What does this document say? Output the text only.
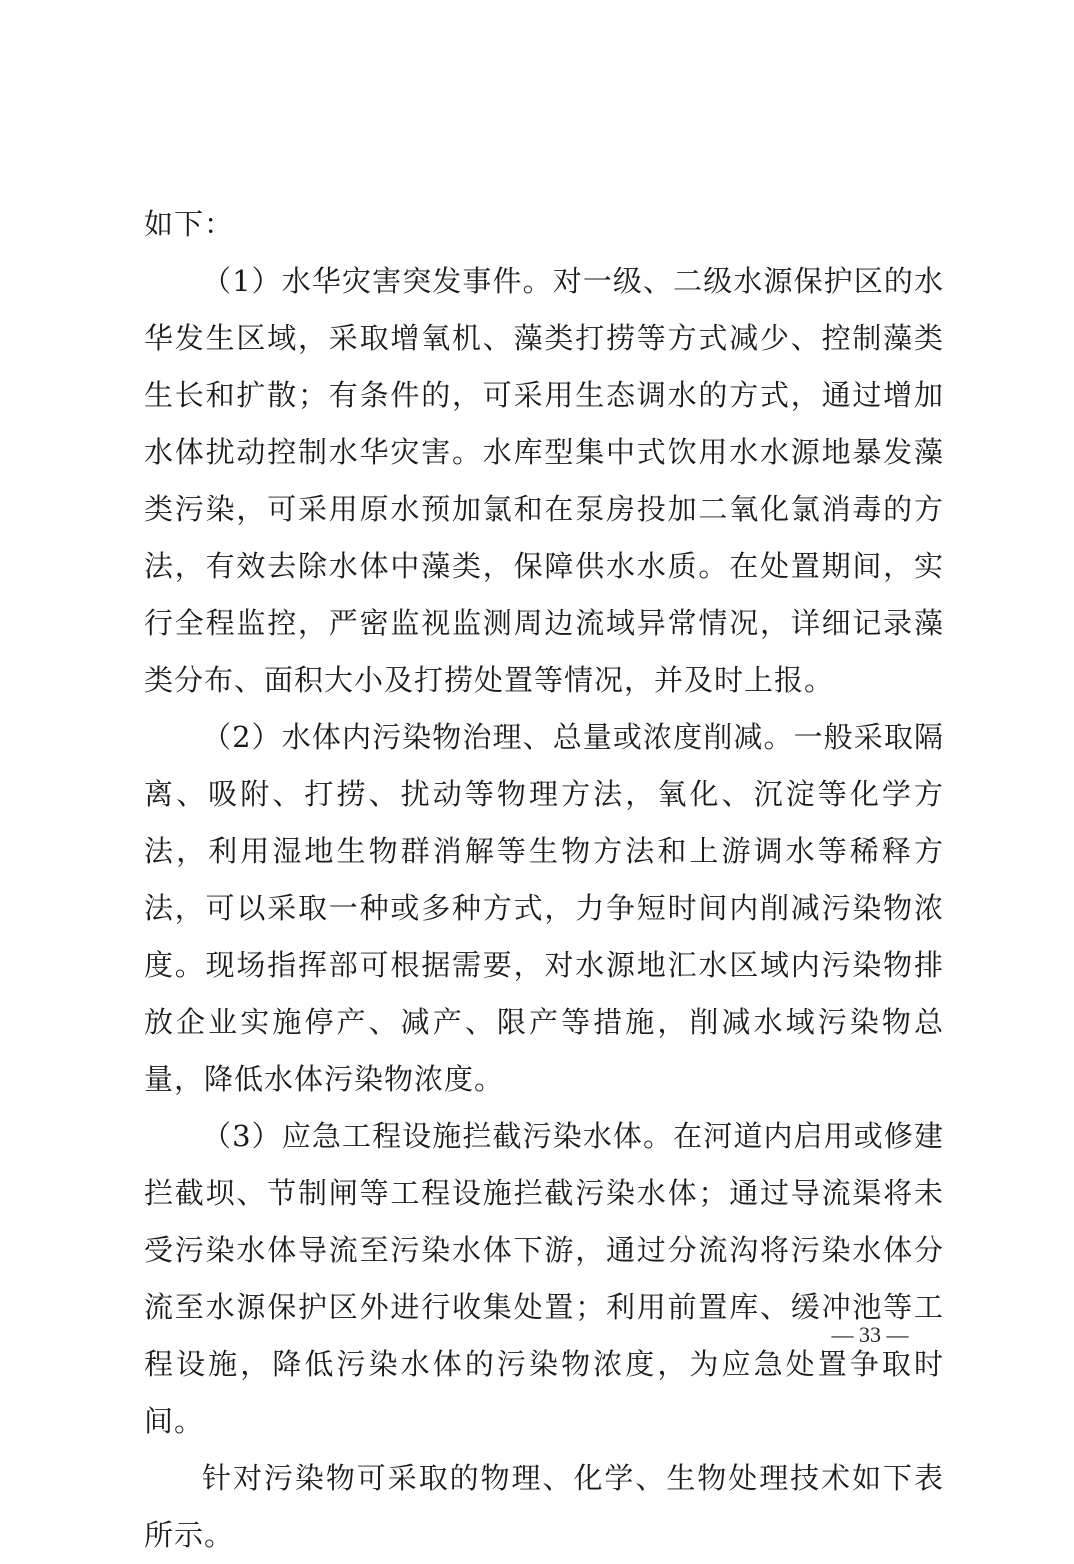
如下：

（1）水华灾害突发事件。对一级、二级水源保护区的水华发生区域，采取增氧机、藻类打捞等方式减少、控制藻类生长和扩散；有条件的，可采用生态调水的方式，通过增加水体扰动控制水华灾害。水库型集中式饮用水水源地暴发藻类污染，可采用原水预加氯和在泵房投加二氧化氯消毒的方法，有效去除水体中藻类，保障供水水质。在处置期间，实行全程监控，严密监视监测周边流域异常情况，详细记录藻类分布、面积大小及打捞处置等情况，并及时上报。

（2）水体内污染物治理、总量或浓度削减。一般采取隔离、吸附、打捞、扰动等物理方法，氧化、沉淀等化学方法，利用湿地生物群消解等生物方法和上游调水等稀释方法，可以采取一种或多种方式，力争短时间内削减污染物浓度。现场指挥部可根据需要，对水源地汇水区域内污染物排放企业实施停产、减产、限产等措施，削减水域污染物总量，降低水体污染物浓度。

（3）应急工程设施拦截污染水体。在河道内启用或修建拦截坝、节制闸等工程设施拦截污染水体；通过导流渠将未受污染水体导流至污染水体下游，通过分流沟将污染水体分流至水源保护区外进行收集处置；利用前置库、缓冲池等工程设施，降低污染水体的污染物浓度，为应急处置争取时间。

针对污染物可采取的物理、化学、生物处理技术如下表所示。

— 33 —
